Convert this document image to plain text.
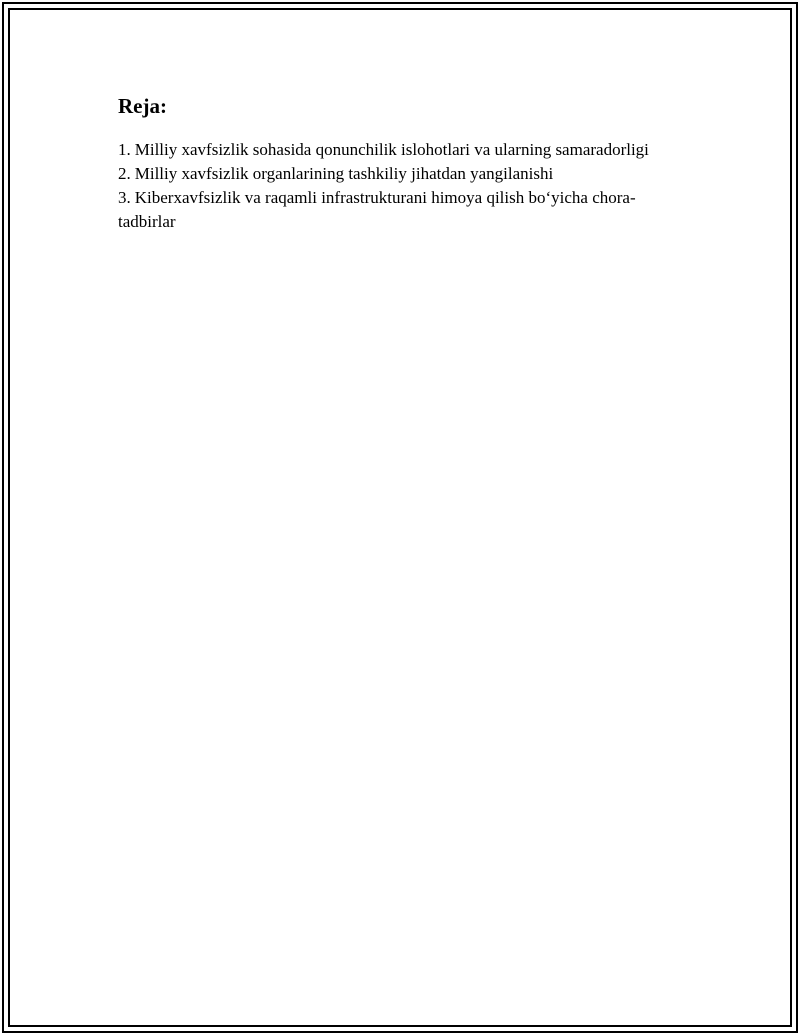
Reja:
1. Milliy xavfsizlik sohasida qonunchilik islohotlari va ularning samaradorligi
2. Milliy xavfsizlik organlarining tashkiliy jihatdan yangilanishi
3. Kiberxavfsizlik va raqamli infrastrukturani himoya qilish bo‘yicha chora-tadbirlar
